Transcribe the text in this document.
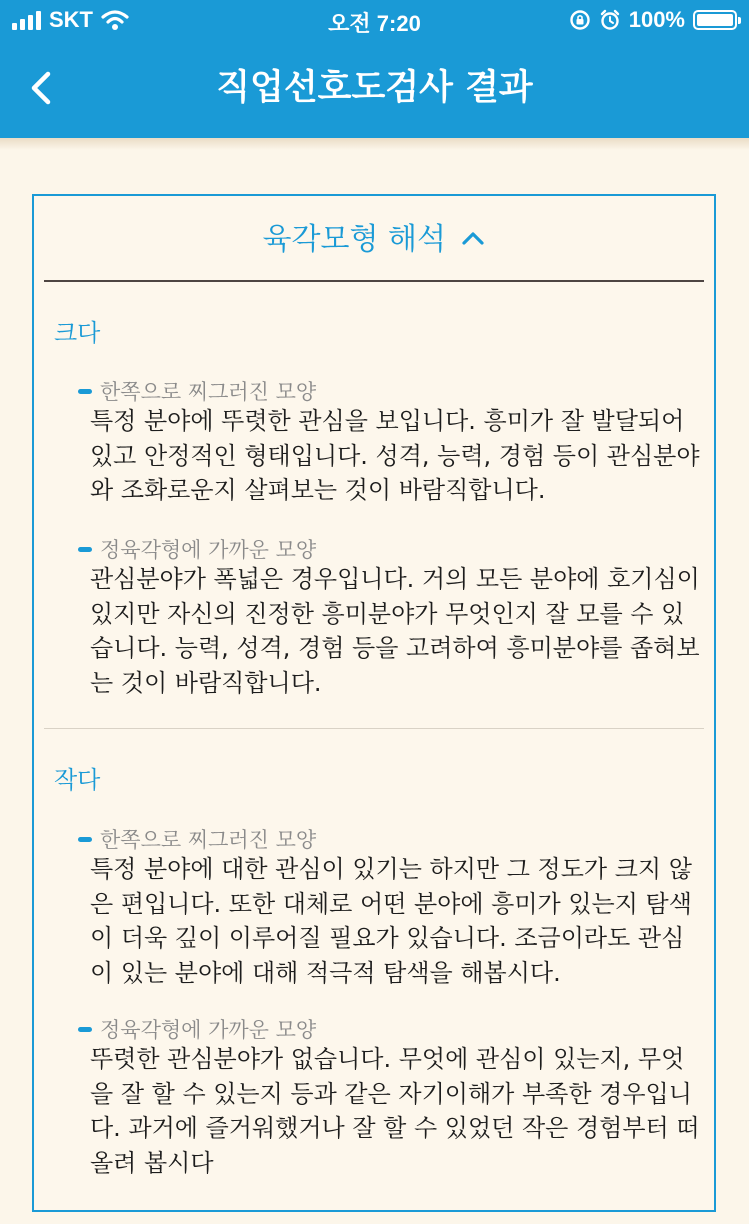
SKT	오전 7:20	100%
직업선호도검사 결과
육각모형 해석
크다
한쪽으로 찌그러진 모양
특정 분야에 뚜렷한 관심을 보입니다. 흥미가 잘 발달되어 있고 안정적인 형태입니다. 성격, 능력, 경험 등이 관심분야와 조화로운지 살펴보는 것이 바람직합니다.
정육각형에 가까운 모양
관심분야가 폭넓은 경우입니다. 거의 모든 분야에 호기심이 있지만 자신의 진정한 흥미분야가 무엇인지 잘 모를 수 있습니다. 능력, 성격, 경험 등을 고려하여 흥미분야를 좁혀보는 것이 바람직합니다.
작다
한쪽으로 찌그러진 모양
특정 분야에 대한 관심이 있기는 하지만 그 정도가 크지 않은 편입니다. 또한 대체로 어떤 분야에 흥미가 있는지 탐색이 더욱 깊이 이루어질 필요가 있습니다. 조금이라도 관심이 있는 분야에 대해 적극적 탐색을 해봅시다.
정육각형에 가까운 모양
뚜렷한 관심분야가 없습니다. 무엇에 관심이 있는지, 무엇을 잘 할 수 있는지 등과 같은 자기이해가 부족한 경우입니다. 과거에 즐거워했거나 잘 할 수 있었던 작은 경험부터 떠올려 봅시다
